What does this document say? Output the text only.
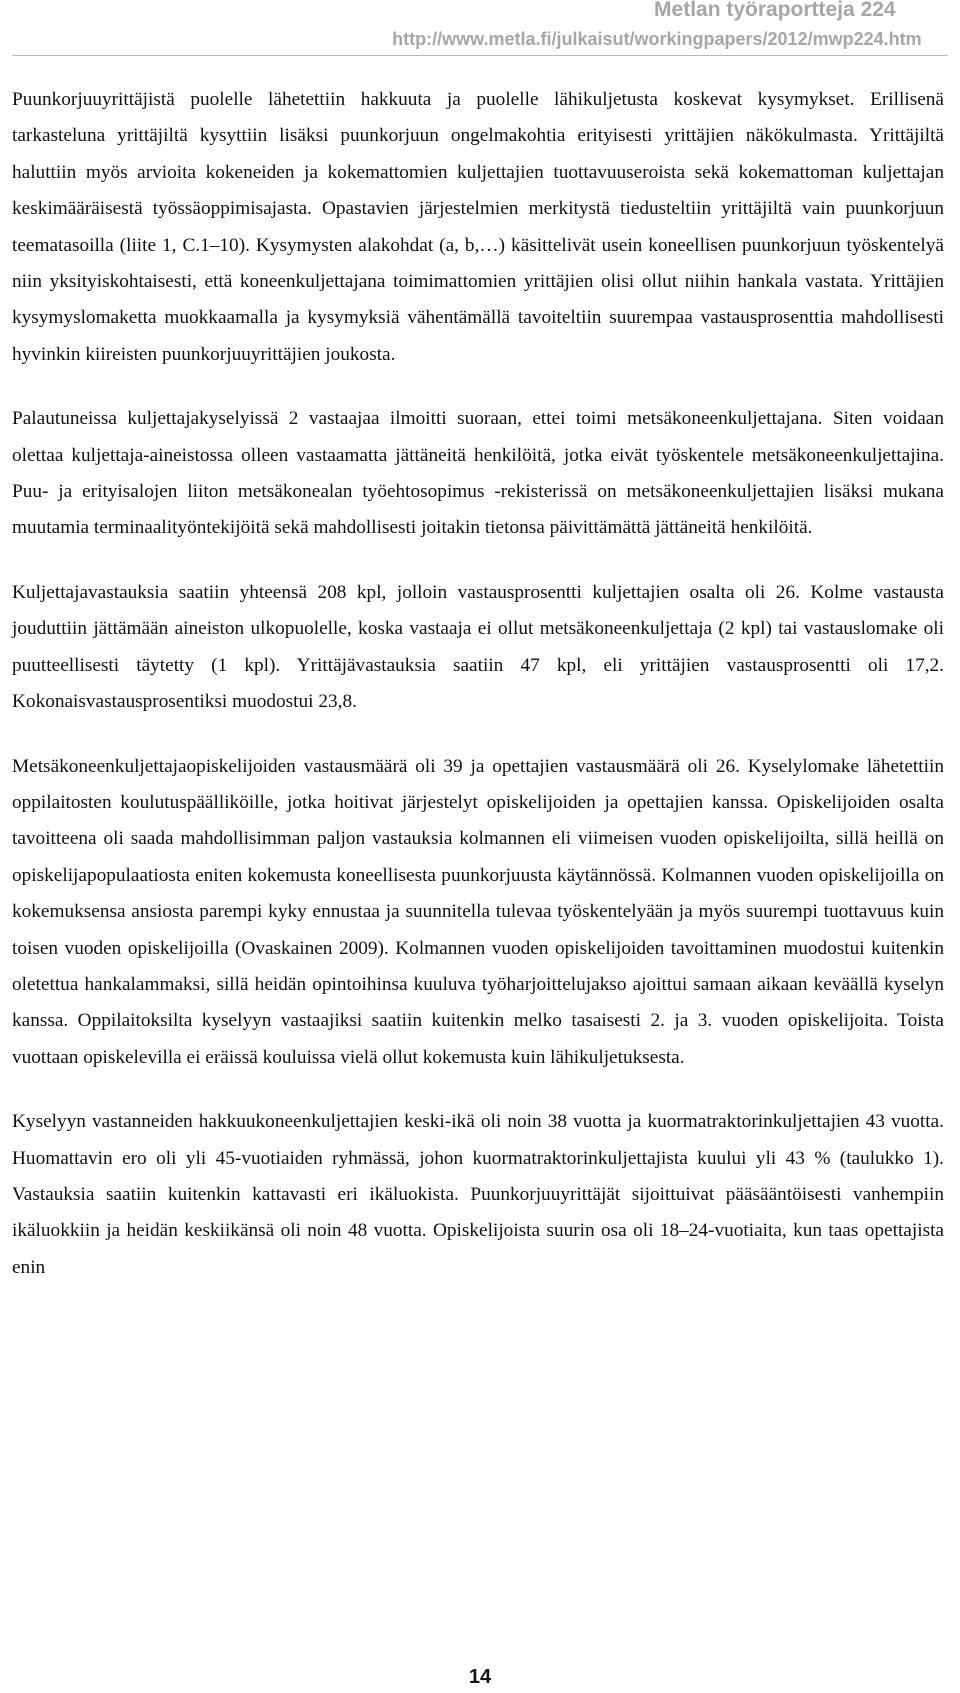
Metlan työraportteja 224
http://www.metla.fi/julkaisut/workingpapers/2012/mwp224.htm

Puunkorjuuyrittäjistä puolelle lähetettiin hakkuuta ja puolelle lähikuljetusta koskevat kysymykset. Erillisenä tarkasteluna yrittäjiltä kysyttiin lisäksi puunkorjuun ongelmakohtia erityisesti yrittäjien näkökulmasta. Yrittäjiltä haluttiin myös arvioita kokeneiden ja kokemattomien kuljettajien tuottavuuseroista sekä kokemattoman kuljettajan keskimääräisestä työssäoppimisajasta. Opastavien järjestelmien merkitystä tiedusteltiin yrittäjiltä vain puunkorjuun teematasoilla (liite 1, C.1–10). Kysymysten alakohdat (a, b,…) käsittelivät usein koneellisen puunkorjuun työskentelyä niin yksityiskohtaisesti, että koneenkuljettajana toimimattomien yrittäjien olisi ollut niihin hankala vastata. Yrittäjien kysymyslomaketta muokkaamalla ja kysymyksiä vähentämällä tavoiteltiin suurempaa vastausprosenttia mahdollisesti hyvinkin kiireisten puunkorjuuyrittäjien joukosta.

Palautuneissa kuljettajakyselyissä 2 vastaajaa ilmoitti suoraan, ettei toimi metsäkoneenkuljettajana. Siten voidaan olettaa kuljettaja-aineistossa olleen vastaamatta jättäneitä henkilöitä, jotka eivät työskentele metsäkoneenkuljettajina. Puu- ja erityisalojen liiton metsäkonealan työehtosopimus -rekisterissä on metsäkoneenkuljettajien lisäksi mukana muutamia terminaalityöntekijöitä sekä mahdollisesti joitakin tietonsa päivittämättä jättäneitä henkilöitä.

Kuljettajavastauksia saatiin yhteensä 208 kpl, jolloin vastausprosentti kuljettajien osalta oli 26. Kolme vastausta jouduttiin jättämään aineiston ulkopuolelle, koska vastaaja ei ollut metsäkoneenkuljettaja (2 kpl) tai vastauslomake oli puutteellisesti täytetty (1 kpl). Yrittäjävastauksia saatiin 47 kpl, eli yrittäjien vastausprosentti oli 17,2. Kokonaisvastausprosentiksi muodostui 23,8.

Metsäkoneenkuljettajaopiskelijoiden vastausmäärä oli 39 ja opettajien vastausmäärä oli 26. Kyselylomake lähetettiin oppilaitosten koulutuspäälliköille, jotka hoitivat järjestelyt opiskelijoiden ja opettajien kanssa. Opiskelijoiden osalta tavoitteena oli saada mahdollisimman paljon vastauksia kolmannen eli viimeisen vuoden opiskelijoilta, sillä heillä on opiskelijapopulaatiosta eniten kokemusta koneellisesta puunkorjuusta käytännössä. Kolmannen vuoden opiskelijoilla on kokemuksensa ansiosta parempi kyky ennustaa ja suunnitella tulevaa työskentelyään ja myös suurempi tuottavuus kuin toisen vuoden opiskelijoilla (Ovaskainen 2009). Kolmannen vuoden opiskelijoiden tavoittaminen muodostui kuitenkin oletettua hankalammaksi, sillä heidän opintoihinsa kuuluva työharjoittelujakso ajoittui samaan aikaan keväällä kyselyn kanssa. Oppilaitoksilta kyselyyn vastaajiksi saatiin kuitenkin melko tasaisesti 2. ja 3. vuoden opiskelijoita. Toista vuottaan opiskelevilla ei eräissä kouluissa vielä ollut kokemusta kuin lähikuljetuksesta.

Kyselyyn vastanneiden hakkuukoneenkuljettajien keski-ikä oli noin 38 vuotta ja kuormatraktorinkuljettajien 43 vuotta. Huomattavin ero oli yli 45-vuotiaiden ryhmässä, johon kuormatraktorinkuljettajista kuului yli 43 % (taulukko 1). Vastauksia saatiin kuitenkin kattavasti eri ikäluokista. Puunkorjuuyrittäjät sijoittuivat pääsääntöisesti vanhempiin ikäluokkiin ja heidän keskiikänsä oli noin 48 vuotta. Opiskelijoista suurin osa oli 18–24-vuotiaita, kun taas opettajista enin

14
